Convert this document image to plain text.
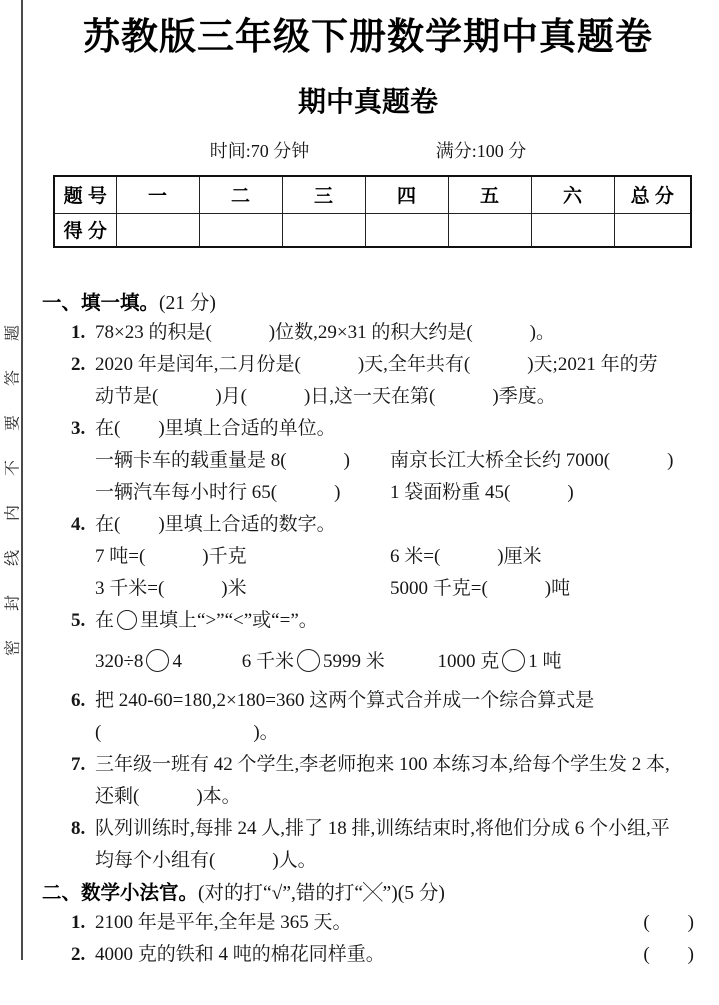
密封线内不要答题
苏教版三年级下册数学期中真题卷
期中真题卷
时间:70 分钟	满分:100 分
题 号	一	二	三	四	五	六	总 分
得 分							
一、填一填。(21 分)
1. 78×23 的积是(　　　)位数,29×31 的积大约是(　　　)。
2. 2020 年是闰年,二月份是(　　　)天,全年共有(　　　)天;2021 年的劳
动节是(　　　)月(　　　)日,这一天在第(　　　)季度。
3. 在(　　)里填上合适的单位。
一辆卡车的载重量是 8(　　　)	南京长江大桥全长约 7000(　　　)
一辆汽车每小时行 65(　　　)	1 袋面粉重 45(　　　)
4. 在(　　)里填上合适的数字。
7 吨=(　　　)千克	6 米=(　　　)厘米
3 千米=(　　　)米	5000 千克=(　　　)吨
5. 在 里填上“>”“<”或“=”。
320÷8 4	6 千米 5999 米	1000 克 1 吨
6. 把 240-60=180,2×180=360 这两个算式合并成一个综合算式是
(　　　　　　　　)。
7. 三年级一班有 42 个学生,李老师抱来 100 本练习本,给每个学生发 2 本,
还剩(　　　)本。
8. 队列训练时,每排 24 人,排了 18 排,训练结束时,将他们分成 6 个小组,平
均每个小组有(　　　)人。
二、数学小法官。(对的打“√”,错的打“╳”)(5 分)
1. 2100 年是平年,全年是 365 天。	(　　)
2. 4000 克的铁和 4 吨的棉花同样重。	(　　)
